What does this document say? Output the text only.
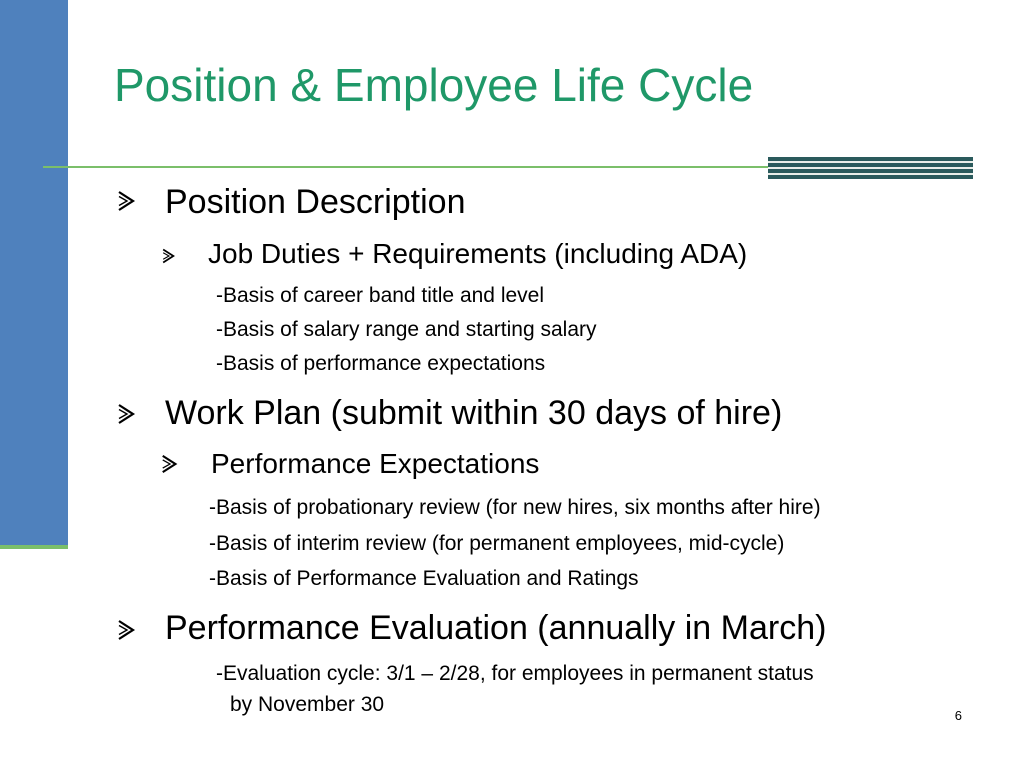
Position & Employee Life Cycle
Position Description
Job Duties + Requirements (including ADA)
-Basis of career band title and level
-Basis of salary range and starting salary
-Basis of performance expectations
Work Plan (submit within 30 days of hire)
Performance Expectations
-Basis of probationary review (for new hires, six months after hire)
-Basis of interim review (for permanent employees, mid-cycle)
-Basis of Performance Evaluation and Ratings
Performance Evaluation (annually in March)
-Evaluation cycle: 3/1 – 2/28, for employees in permanent status
by November 30	6
